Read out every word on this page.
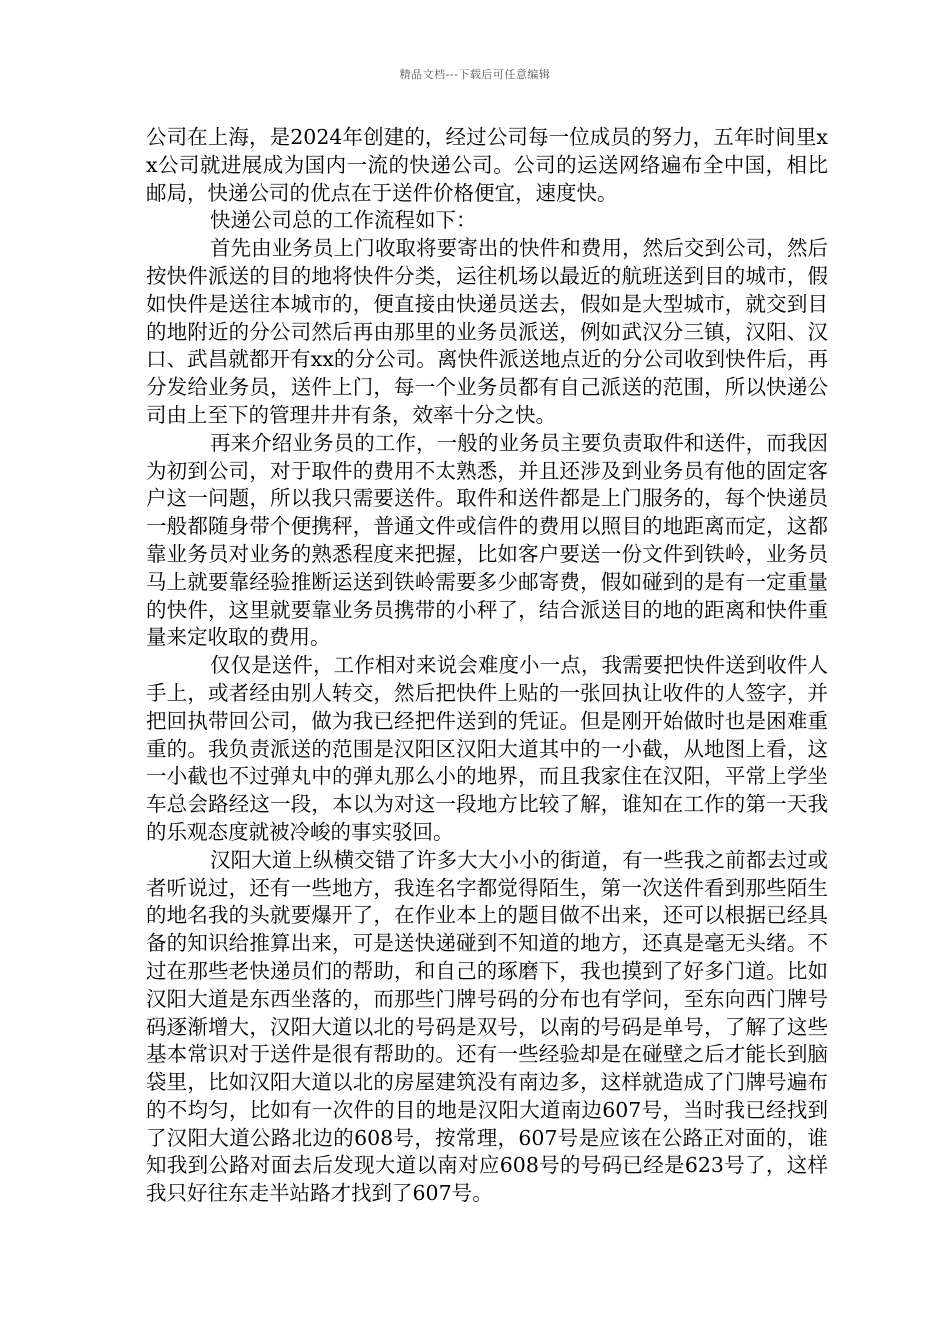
精品文档---下载后可任意编辑

公司在上海，是2024年创建的，经过公司每一位成员的努力，五年时间里xx公司就进展成为国内一流的快递公司。公司的运送网络遍布全中国，相比邮局，快递公司的优点在于送件价格便宜，速度快。

快递公司总的工作流程如下：

首先由业务员上门收取将要寄出的快件和费用，然后交到公司，然后按快件派送的目的地将快件分类，运往机场以最近的航班送到目的城市，假如快件是送往本城市的，便直接由快递员送去，假如是大型城市，就交到目的地附近的分公司然后再由那里的业务员派送，例如武汉分三镇，汉阳、汉口、武昌就都开有xx的分公司。离快件派送地点近的分公司收到快件后，再分发给业务员，送件上门，每一个业务员都有自己派送的范围，所以快递公司由上至下的管理井井有条，效率十分之快。

再来介绍业务员的工作，一般的业务员主要负责取件和送件，而我因为初到公司，对于取件的费用不太熟悉，并且还涉及到业务员有他的固定客户这一问题，所以我只需要送件。取件和送件都是上门服务的，每个快递员一般都随身带个便携秤，普通文件或信件的费用以照目的地距离而定，这都靠业务员对业务的熟悉程度来把握，比如客户要送一份文件到铁岭，业务员马上就要靠经验推断运送到铁岭需要多少邮寄费，假如碰到的是有一定重量的快件，这里就要靠业务员携带的小秤了，结合派送目的地的距离和快件重量来定收取的费用。

仅仅是送件，工作相对来说会难度小一点，我需要把快件送到收件人手上，或者经由别人转交，然后把快件上贴的一张回执让收件的人签字，并把回执带回公司，做为我已经把件送到的凭证。但是刚开始做时也是困难重重的。我负责派送的范围是汉阳区汉阳大道其中的一小截，从地图上看，这一小截也不过弹丸中的弹丸那么小的地界，而且我家住在汉阳，平常上学坐车总会路经这一段，本以为对这一段地方比较了解，谁知在工作的第一天我的乐观态度就被冷峻的事实驳回。

汉阳大道上纵横交错了许多大大小小的街道，有一些我之前都去过或者听说过，还有一些地方，我连名字都觉得陌生，第一次送件看到那些陌生的地名我的头就要爆开了，在作业本上的题目做不出来，还可以根据已经具备的知识给推算出来，可是送快递碰到不知道的地方，还真是毫无头绪。不过在那些老快递员们的帮助，和自己的琢磨下，我也摸到了好多门道。比如汉阳大道是东西坐落的，而那些门牌号码的分布也有学问，至东向西门牌号码逐渐增大，汉阳大道以北的号码是双号，以南的号码是单号，了解了这些基本常识对于送件是很有帮助的。还有一些经验却是在碰壁之后才能长到脑袋里，比如汉阳大道以北的房屋建筑没有南边多，这样就造成了门牌号遍布的不均匀，比如有一次件的目的地是汉阳大道南边607号，当时我已经找到了汉阳大道公路北边的608号，按常理，607号是应该在公路正对面的，谁知我到公路对面去后发现大道以南对应608号的号码已经是623号了，这样我只好往东走半站路才找到了607号。
